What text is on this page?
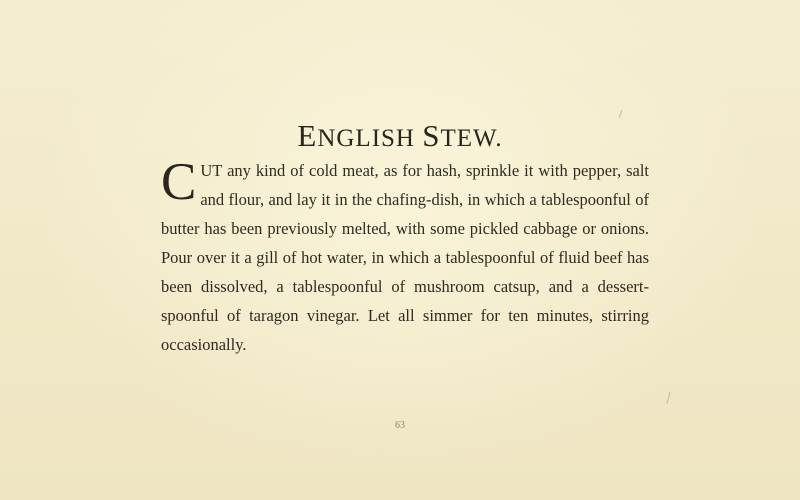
ENGLISH STEW.

CUT any kind of cold meat, as for hash, sprinkle it with pepper, salt and flour, and lay it in the chafing-dish, in which a tablespoonful of butter has been previously melted, with some pickled cabbage or onions. Pour over it a gill of hot water, in which a tablespoonful of fluid beef has been dissolved, a tablespoonful of mushroom catsup, and a dessert-spoonful of taragon vinegar. Let all simmer for ten minutes, stirring occasionally.

63
